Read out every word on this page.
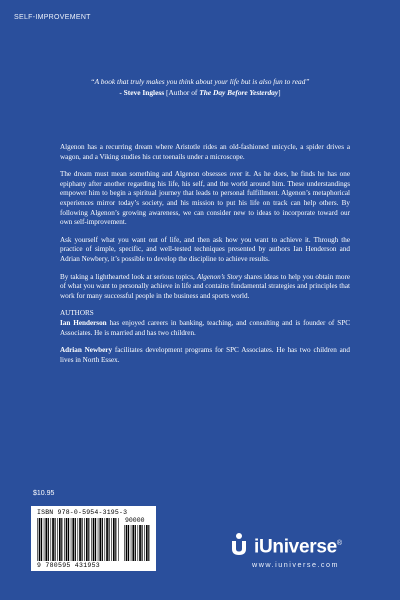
SELF-IMPROVEMENT
“A book that truly makes you think about your life but is also fun to read”
- Steve Ingless [Author of The Day Before Yesterday]

Algenon has a recurring dream where Aristotle rides an old-fashioned unicycle, a spider drives a wagon, and a Viking studies his cut toenails under a microscope.

The dream must mean something and Algenon obsesses over it. As he does, he finds he has one epiphany after another regarding his life, his self, and the world around him. These understandings empower him to begin a spiritual journey that leads to personal fulfillment. Algenon’s metaphorical experiences mirror today’s society, and his mission to put his life on track can help others. By following Algenon’s growing awareness, we can consider new to ideas to incorporate toward our own self-improvement.

Ask yourself what you want out of life, and then ask how you want to achieve it. Through the practice of simple, specific, and well-tested techniques presented by authors Ian Henderson and Adrian Newbery, it’s possible to develop the discipline to achieve results.

By taking a lighthearted look at serious topics, Algenon’s Story shares ideas to help you obtain more of what you want to personally achieve in life and contains fundamental strategies and principles that work for many successful people in the business and sports world.

AUTHORS

Ian Henderson has enjoyed careers in banking, teaching, and consulting and is founder of SPC Associates. He is married and has two children.

Adrian Newbery facilitates development programs for SPC Associates. He has two children and lives in North Essex.

$10.95
ISBN 978-0-5954-3195-3
90000
9 780595 431953
iUniverse®
www.iuniverse.com
